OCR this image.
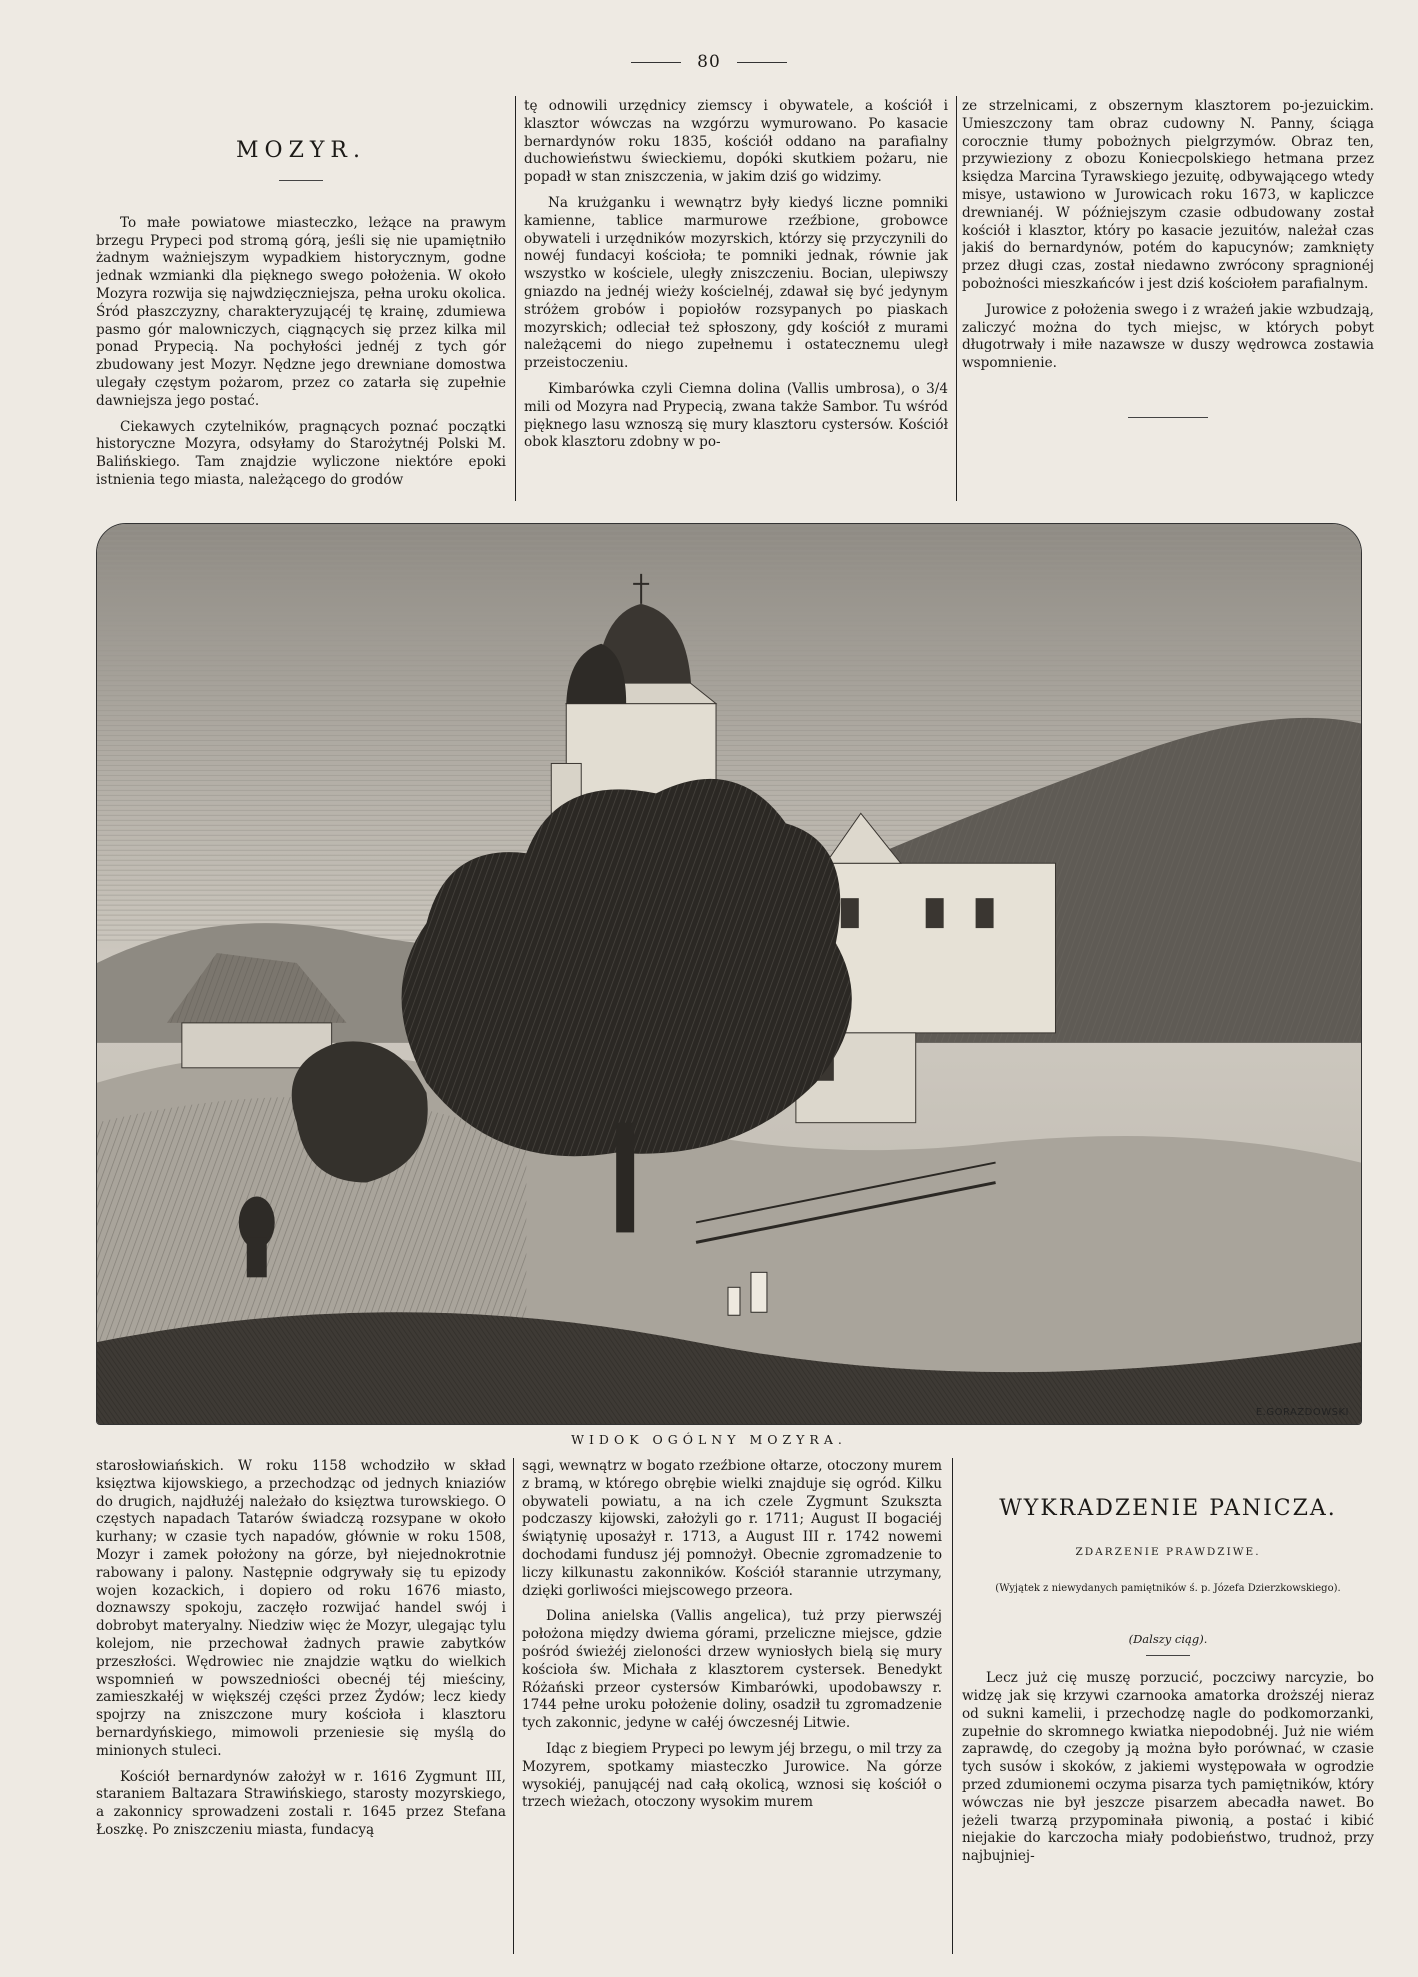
80
MOZYR.

To małe powiatowe miasteczko, leżące na prawym brzegu Prypeci pod stromą górą, jeśli się nie upamiętniło żadnym ważniejszym wypadkiem historycznym, godne jednak wzmianki dla pięknego swego położenia. W około Mozyra rozwija się najwdzięczniejsza, pełna uroku okolica. Śród płaszczyzny, charakteryzującéj tę krainę, zdumiewa pasmo gór malowniczych, ciągnących się przez kilka mil ponad Prypecią. Na pochyłości jednéj z tych gór zbudowany jest Mozyr. Nędzne jego drewniane domostwa ulegały częstym pożarom, przez co zatarła się zupełnie dawniejsza jego postać.

Ciekawych czytelników, pragnących poznać początki historyczne Mozyra, odsyłamy do Starożytnéj Polski M. Balińskiego. Tam znajdzie wyliczone niektóre epoki istnienia tego miasta, należącego do grodów

tę odnowili urzędnicy ziemscy i obywatele, a kościół i klasztor wówczas na wzgórzu wymurowano. Po kasacie bernardynów roku 1835, kościół oddano na parafialny duchowieństwu świeckiemu, dopóki skutkiem pożaru, nie popadł w stan zniszczenia, w jakim dziś go widzimy.

Na krużganku i wewnątrz były kiedyś liczne pomniki kamienne, tablice marmurowe rzeźbione, grobowce obywateli i urzędników mozyrskich, którzy się przyczynili do nowéj fundacyi kościoła; te pomniki jednak, równie jak wszystko w kościele, uległy zniszczeniu. Bocian, ulepiwszy gniazdo na jednéj wieży kościelnéj, zdawał się być jedynym stróżem grobów i popiołów rozsypanych po piaskach mozyrskich; odleciał też spłoszony, gdy kościół z murami należącemi do niego zupełnemu i ostatecznemu uległ przeistoczeniu.

Kimbarówka czyli Ciemna dolina (Vallis umbrosa), o 3/4 mili od Mozyra nad Prypecią, zwana także Sambor. Tu wśród pięknego lasu wznoszą się mury klasztoru cystersów. Kościół obok klasztoru zdobny w po-

ze strzelnicami, z obszernym klasztorem po-jezuickim. Umieszczony tam obraz cudowny N. Panny, ściąga corocznie tłumy pobożnych pielgrzymów. Obraz ten, przywieziony z obozu Koniecpolskiego hetmana przez księdza Marcina Tyrawskiego jezuitę, odbywającego wtedy misye, ustawiono w Jurowicach roku 1673, w kapliczce drewnianéj. W późniejszym czasie odbudowany został kościół i klasztor, który po kasacie jezuitów, należał czas jakiś do bernardynów, potém do kapucynów; zamknięty przez długi czas, został niedawno zwrócony spragnionéj pobożności mieszkańców i jest dziś kościołem parafialnym.

Jurowice z położenia swego i z wrażeń jakie wzbudzają, zaliczyć można do tych miejsc, w których pobyt długotrwały i miłe nazawsze w duszy wędrowca zostawia wspomnienie.

E.GORAZDOWSKI
WIDOK OGÓLNY MOZYRA.

starosłowiańskich. W roku 1158 wchodziło w skład księztwa kijowskiego, a przechodząc od jednych kniaziów do drugich, najdłużéj należało do księztwa turowskiego. O częstych napadach Tatarów świadczą rozsypane w około kurhany; w czasie tych napadów, głównie w roku 1508, Mozyr i zamek położony na górze, był niejednokrotnie rabowany i palony. Następnie odgrywały się tu epizody wojen kozackich, i dopiero od roku 1676 miasto, doznawszy spokoju, zaczęło rozwijać handel swój i dobrobyt materyalny. Niedziw więc że Mozyr, ulegając tylu kolejom, nie przechował żadnych prawie zabytków przeszłości. Wędrowiec nie znajdzie wątku do wielkich wspomnień w powszedniości obecnéj téj mieściny, zamieszkałéj w większéj części przez Żydów; lecz kiedy spojrzy na zniszczone mury kościoła i klasztoru bernardyńskiego, mimowoli przeniesie się myślą do minionych stuleci.

Kościół bernardynów założył w r. 1616 Zygmunt III, staraniem Baltazara Strawińskiego, starosty mozyrskiego, a zakonnicy sprowadzeni zostali r. 1645 przez Stefana Łoszkę. Po zniszczeniu miasta, fundacyą

sągi, wewnątrz w bogato rzeźbione ołtarze, otoczony murem z bramą, w którego obrębie wielki znajduje się ogród. Kilku obywateli powiatu, a na ich czele Zygmunt Szukszta podczaszy kijowski, założyli go r. 1711; August II bogaciéj świątynię uposażył r. 1713, a August III r. 1742 nowemi dochodami fundusz jéj pomnożył. Obecnie zgromadzenie to liczy kilkunastu zakonników. Kościół starannie utrzymany, dzięki gorliwości miejscowego przeora.

Dolina anielska (Vallis angelica), tuż przy pierwszéj położona między dwiema górami, przeliczne miejsce, gdzie pośród świeżéj zieloności drzew wyniosłych bielą się mury kościoła św. Michała z klasztorem cystersek. Benedykt Różański przeor cystersów Kimbarówki, upodobawszy r. 1744 pełne uroku położenie doliny, osadził tu zgromadzenie tych zakonnic, jedyne w całéj ówczesnéj Litwie.

Idąc z biegiem Prypeci po lewym jéj brzegu, o mil trzy za Mozyrem, spotkamy miasteczko Jurowice. Na górze wysokiéj, panującéj nad całą okolicą, wznosi się kościół o trzech wieżach, otoczony wysokim murem

WYKRADZENIE PANICZA.
ZDARZENIE PRAWDZIWE.
(Wyjątek z niewydanych pamiętników ś. p. Józefa Dzierzkowskiego).
(Dalszy ciąg).

Lecz już cię muszę porzucić, poczciwy narcyzie, bo widzę jak się krzywi czarnooka amatorka droższéj nieraz od sukni kamelii, i przechodzę nagle do podkomorzanki, zupełnie do skromnego kwiatka niepodobnéj. Już nie wiém zaprawdę, do czegoby ją można było porównać, w czasie tych susów i skoków, z jakiemi występowała w ogrodzie przed zdumionemi oczyma pisarza tych pamiętników, który wówczas nie był jeszcze pisarzem abecadła nawet. Bo jeżeli twarzą przypominała piwonią, a postać i kibić niejakie do karczocha miały podobieństwo, trudnoż, przy najbujniej-
